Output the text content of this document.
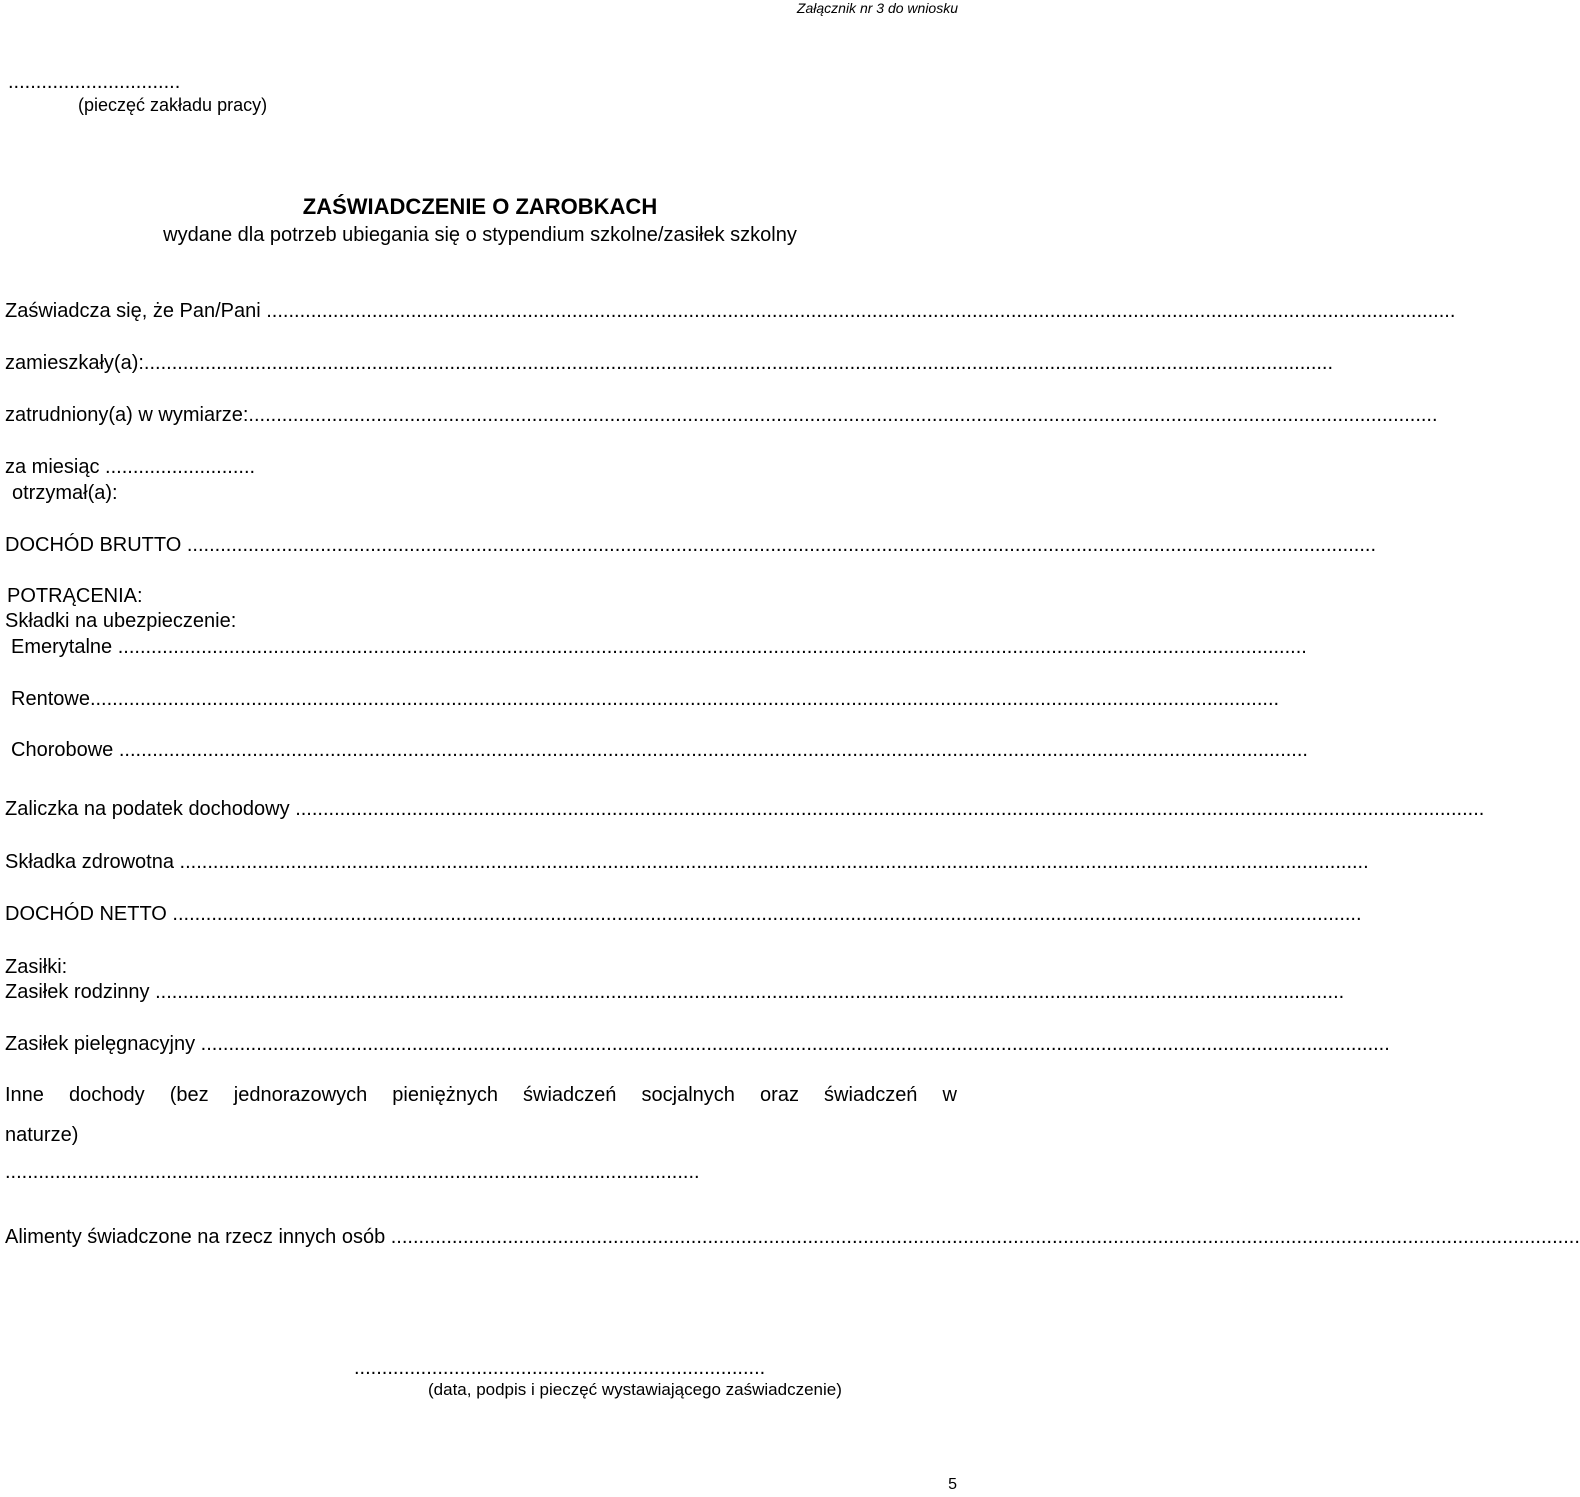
Załącznik nr 3 do wniosku
...............................
(pieczęć zakładu pracy)
ZAŚWIADCZENIE O ZAROBKACH
wydane dla potrzeb ubiegania się o stypendium szkolne/zasiłek szkolny
Zaświadcza się, że Pan/Pani ......................................................................................................................................................................................................................
zamieszkały(a):......................................................................................................................................................................................................................
zatrudniony(a) w wymiarze:......................................................................................................................................................................................................................
za miesiąc ...........................
otrzymał(a):
DOCHÓD BRUTTO ......................................................................................................................................................................................................................
POTRĄCENIA:
Składki na ubezpieczenie:
Emerytalne ......................................................................................................................................................................................................................
Rentowe......................................................................................................................................................................................................................
Chorobowe ......................................................................................................................................................................................................................
Zaliczka na podatek dochodowy ......................................................................................................................................................................................................................
Składka zdrowotna ......................................................................................................................................................................................................................
DOCHÓD NETTO ......................................................................................................................................................................................................................
Zasiłki:
Zasiłek rodzinny ......................................................................................................................................................................................................................
Zasiłek pielęgnacyjny ......................................................................................................................................................................................................................
Inne dochody (bez jednorazowych pieniężnych świadczeń socjalnych oraz świadczeń w
naturze)
.............................................................................................................................
Alimenty świadczone na rzecz innych osób ......................................................................................................................................................................................................................
..........................................................................
(data, podpis i pieczęć wystawiającego zaświadczenie)
5
